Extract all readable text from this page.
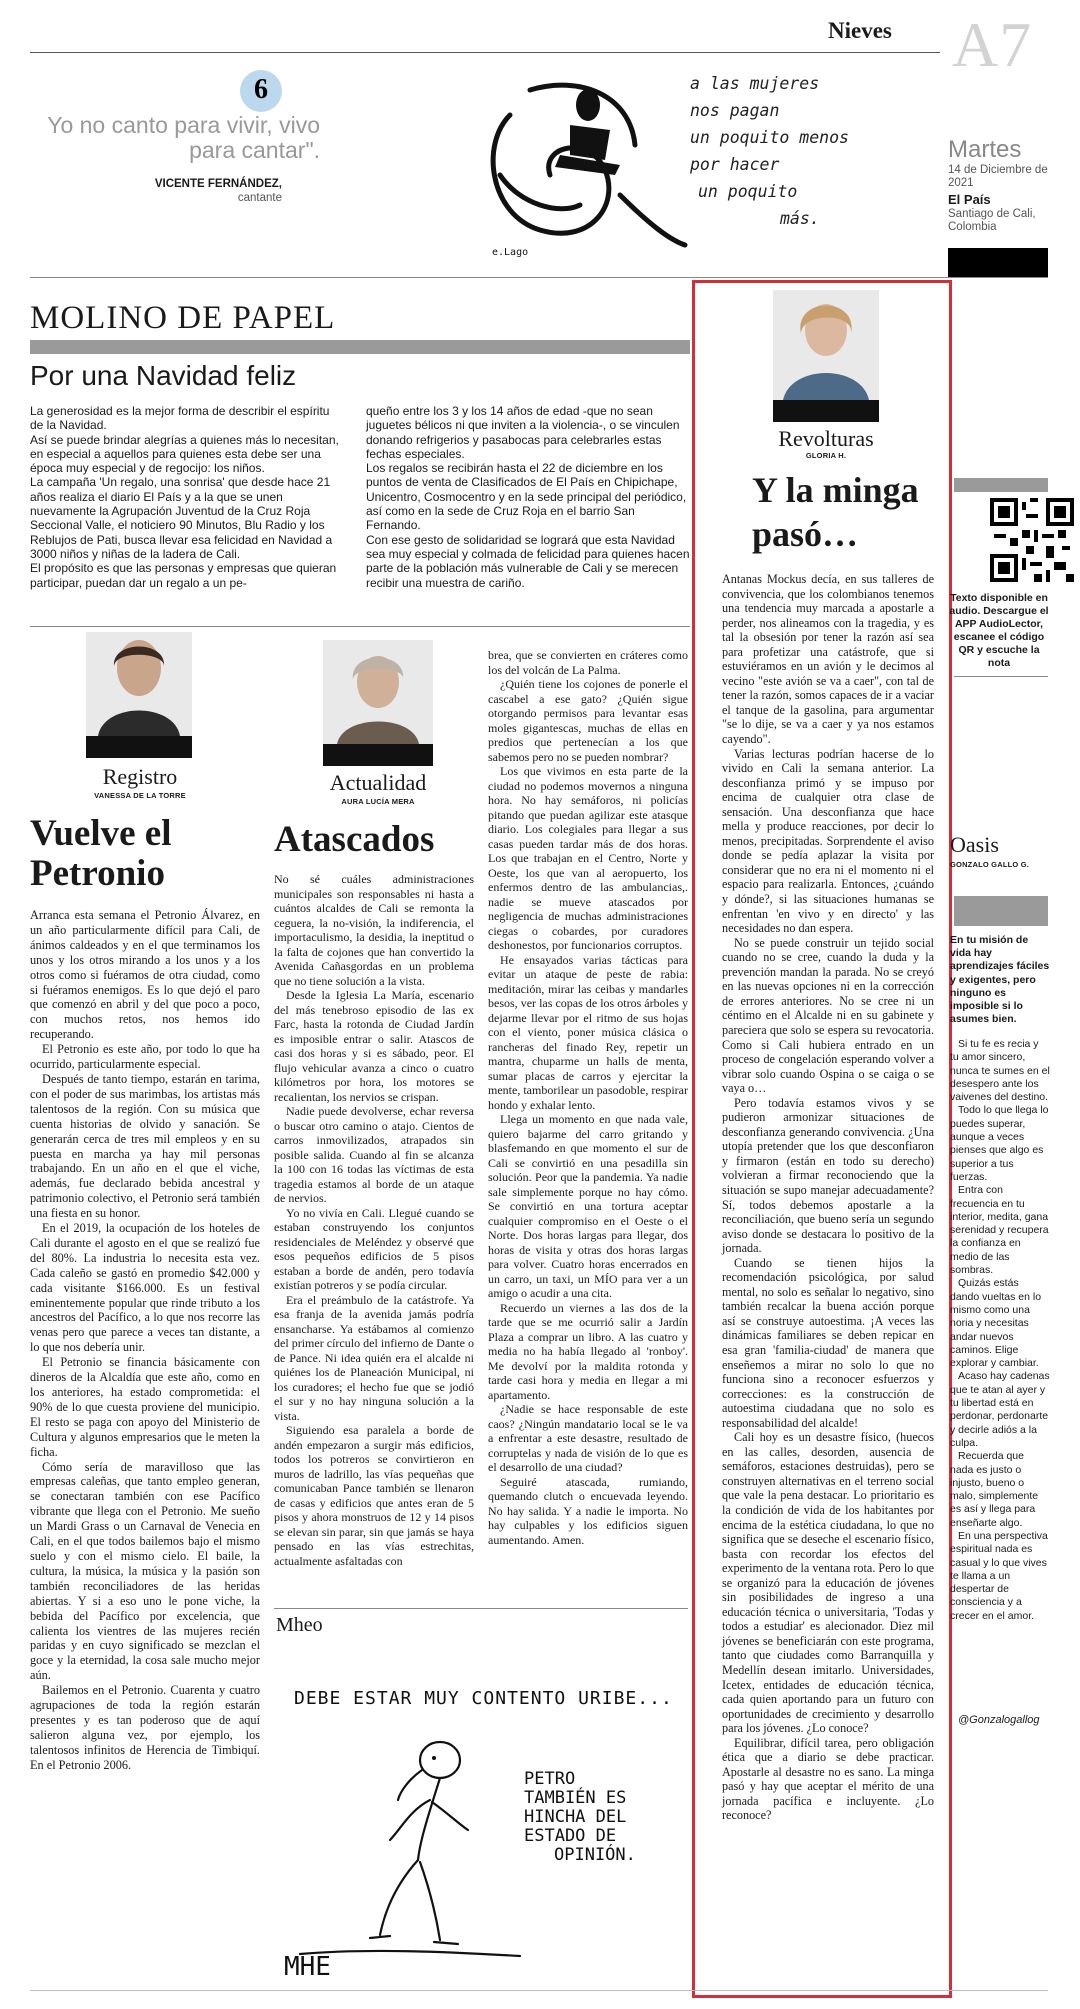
Nieves A7
Martes
14 de Diciembre de 2021
El País
Santiago de Cali, Colombia
6
Yo no canto para vivir, vivo para cantar".
VICENTE FERNÁNDEZ,
cantante
e.Lago
a las mujeres
nos pagan
un poquito menos
por hacer
un poquito
más.
MOLINO DE PAPEL
Por una Navidad feliz

La generosidad es la mejor forma de describir el espíritu de la Navidad.

Así se puede brindar alegrías a quienes más lo necesitan, en especial a aquellos para quienes esta debe ser una época muy especial y de regocijo: los niños.

La campaña 'Un regalo, una sonrisa' que desde hace 21 años realiza el diario El País y a la que se unen nuevamente la Agrupación Juventud de la Cruz Roja Seccional Valle, el noticiero 90 Minutos, Blu Radio y los Reblujos de Pati, busca llevar esa felicidad en Navidad a 3000 niños y niñas de la ladera de Cali.

El propósito es que las personas y empresas que quieran participar, puedan dar un regalo a un pe-

queño entre los 3 y los 14 años de edad -que no sean juguetes bélicos ni que inviten a la violencia-, o se vinculen donando refrigerios y pasabocas para celebrarles estas fechas especiales.

Los regalos se recibirán hasta el 22 de diciembre en los puntos de venta de Clasificados de El País en Chipichape, Unicentro, Cosmocentro y en la sede principal del periódico, así como en la sede de Cruz Roja en el barrio San Fernando.

Con ese gesto de solidaridad se logrará que esta Navidad sea muy especial y colmada de felicidad para quienes hacen parte de la población más vulnerable de Cali y se merecen recibir una muestra de cariño.

Registro
VANESSA DE LA TORRE
Vuelve el Petronio

Arranca esta semana el Petronio Álvarez, en un año particularmente difícil para Cali, de ánimos caldeados y en el que terminamos los unos y los otros mirando a los unos y a los otros como si fuéramos de otra ciudad, como si fuéramos enemigos. Es lo que dejó el paro que comenzó en abril y del que poco a poco, con muchos retos, nos hemos ido recuperando.

El Petronio es este año, por todo lo que ha ocurrido, particularmente especial.

Después de tanto tiempo, estarán en tarima, con el poder de sus marimbas, los artistas más talentosos de la región. Con su música que cuenta historias de olvido y sanación. Se generarán cerca de tres mil empleos y en su puesta en marcha ya hay mil personas trabajando. En un año en el que el viche, además, fue declarado bebida ancestral y patrimonio colectivo, el Petronio será también una fiesta en su honor.

En el 2019, la ocupación de los hoteles de Cali durante el agosto en el que se realizó fue del 80%. La industria lo necesita esta vez. Cada caleño se gastó en promedio $42.000 y cada visitante $166.000. Es un festival eminentemente popular que rinde tributo a los ancestros del Pacífico, a lo que nos recorre las venas pero que parece a veces tan distante, a lo que nos debería unir.

El Petronio se financia básicamente con dineros de la Alcaldía que este año, como en los anteriores, ha estado comprometida: el 90% de lo que cuesta proviene del municipio. El resto se paga con apoyo del Ministerio de Cultura y algunos empresarios que le meten la ficha.

Cómo sería de maravilloso que las empresas caleñas, que tanto empleo generan, se conectaran también con ese Pacífico vibrante que llega con el Petronio. Me sueño un Mardi Grass o un Carnaval de Venecia en Cali, en el que todos bailemos bajo el mismo suelo y con el mismo cielo. El baile, la cultura, la música, la música y la pasión son también reconciliadores de las heridas abiertas. Y si a eso uno le pone viche, la bebida del Pacífico por excelencia, que calienta los vientres de las mujeres recién paridas y en cuyo significado se mezclan el goce y la eternidad, la cosa sale mucho mejor aún.

Bailemos en el Petronio. Cuarenta y cuatro agrupaciones de toda la región estarán presentes y es tan poderoso que de aquí salieron alguna vez, por ejemplo, los talentosos infinitos de Herencia de Timbiquí. En el Petronio 2006.

Actualidad
AURA LUCÍA MERA
Atascados

No sé cuáles administraciones municipales son responsables ni hasta a cuántos alcaldes de Cali se remonta la ceguera, la no-visión, la indiferencia, el importaculismo, la desidia, la ineptitud o la falta de cojones que han convertido la Avenida Cañasgordas en un problema que no tiene solución a la vista.

Desde la Iglesia La María, escenario del más tenebroso episodio de las ex Farc, hasta la rotonda de Ciudad Jardín es imposible entrar o salir. Atascos de casi dos horas y si es sábado, peor. El flujo vehicular avanza a cinco o cuatro kilómetros por hora, los motores se recalientan, los nervios se crispan.

Nadie puede devolverse, echar reversa o buscar otro camino o atajo. Cientos de carros inmovilizados, atrapados sin posible salida. Cuando al fin se alcanza la 100 con 16 todas las víctimas de esta tragedia estamos al borde de un ataque de nervios.

Yo no vivía en Cali. Llegué cuando se estaban construyendo los conjuntos residenciales de Meléndez y observé que esos pequeños edificios de 5 pisos estaban a borde de andén, pero todavía existían potreros y se podía circular.

Era el preámbulo de la catástrofe. Ya esa franja de la avenida jamás podría ensancharse. Ya estábamos al comienzo del primer círculo del infierno de Dante o de Pance. Ni idea quién era el alcalde ni quiénes los de Planeación Municipal, ni los curadores; el hecho fue que se jodió el sur y no hay ninguna solución a la vista.

Siguiendo esa paralela a borde de andén empezaron a surgir más edificios, todos los potreros se convirtieron en muros de ladrillo, las vías pequeñas que comunicaban Pance también se llenaron de casas y edificios que antes eran de 5 pisos y ahora monstruos de 12 y 14 pisos se elevan sin parar, sin que jamás se haya pensado en las vías estrechitas, actualmente asfaltadas con

brea, que se convierten en cráteres como los del volcán de La Palma.

¿Quién tiene los cojones de ponerle el cascabel a ese gato? ¿Quién sigue otorgando permisos para levantar esas moles gigantescas, muchas de ellas en predios que pertenecían a los que sabemos pero no se pueden nombrar?

Los que vivimos en esta parte de la ciudad no podemos movernos a ninguna hora. No hay semáforos, ni policías pitando que puedan agilizar este atasque diario. Los colegiales para llegar a sus casas pueden tardar más de dos horas. Los que trabajan en el Centro, Norte y Oeste, los que van al aeropuerto, los enfermos dentro de las ambulancias,. nadie se mueve atascados por negligencia de muchas administraciones ciegas o cobardes, por curadores deshonestos, por funcionarios corruptos.

He ensayados varias tácticas para evitar un ataque de peste de rabia: meditación, mirar las ceibas y mandarles besos, ver las copas de los otros árboles y dejarme llevar por el ritmo de sus hojas con el viento, poner música clásica o rancheras del finado Rey, repetir un mantra, chuparme un halls de menta, sumar placas de carros y ejercitar la mente, tamborilear un pasodoble, respirar hondo y exhalar lento.

Llega un momento en que nada vale, quiero bajarme del carro gritando y blasfemando en que momento el sur de Cali se convirtió en una pesadilla sin solución. Peor que la pandemia. Ya nadie sale simplemente porque no hay cómo. Se convirtió en una tortura aceptar cualquier compromiso en el Oeste o el Norte. Dos horas largas para llegar, dos horas de visita y otras dos horas largas para volver. Cuatro horas encerrados en un carro, un taxi, un MÍO para ver a un amigo o acudir a una cita.

Recuerdo un viernes a las dos de la tarde que se me ocurrió salir a Jardín Plaza a comprar un libro. A las cuatro y media no ha había llegado al 'ronboy'. Me devolví por la maldita rotonda y tarde casi hora y media en llegar a mi apartamento.

¿Nadie se hace responsable de este caos? ¿Ningún mandatario local se le va a enfrentar a este desastre, resultado de corruptelas y nada de visión de lo que es el desarrollo de una ciudad?

Seguiré atascada, rumiando, quemando clutch o encuevada leyendo. No hay salida. Y a nadie le importa. No hay culpables y los edificios siguen aumentando. Amen.

Mheo
DEBE ESTAR MUY CONTENTO URIBE...
PETRO
TAMBIÉN ES
HINCHA DEL
ESTADO DE
OPINIÓN.
MHE
Revolturas
GLORIA H.
Y la minga pasó…

Antanas Mockus decía, en sus talleres de convivencia, que los colombianos tenemos una tendencia muy marcada a apostarle a perder, nos alineamos con la tragedia, y es tal la obsesión por tener la razón así sea para profetizar una catástrofe, que si estuviéramos en un avión y le decimos al vecino "este avión se va a caer", con tal de tener la razón, somos capaces de ir a vaciar el tanque de la gasolina, para argumentar "se lo dije, se va a caer y ya nos estamos cayendo".

Varias lecturas podrían hacerse de lo vivido en Cali la semana anterior. La desconfianza primó y se impuso por encima de cualquier otra clase de sensación. Una desconfianza que hace mella y produce reacciones, por decir lo menos, precipitadas. Sorprendente el aviso donde se pedía aplazar la visita por considerar que no era ni el momento ni el espacio para realizarla. Entonces, ¿cuándo y dónde?, si las situaciones humanas se enfrentan 'en vivo y en directo' y las necesidades no dan espera.

No se puede construir un tejido social cuando no se cree, cuando la duda y la prevención mandan la parada. No se creyó en las nuevas opciones ni en la corrección de errores anteriores. No se cree ni un céntimo en el Alcalde ni en su gabinete y pareciera que solo se espera su revocatoria. Como si Cali hubiera entrado en un proceso de congelación esperando volver a vibrar solo cuando Ospina o se caiga o se vaya o…

Pero todavía estamos vivos y se pudieron armonizar situaciones de desconfianza generando convivencia. ¿Una utopía pretender que los que desconfiaron y firmaron (están en todo su derecho) volvieran a firmar reconociendo que la situación se supo manejar adecuadamente? Sí, todos debemos apostarle a la reconciliación, que bueno sería un segundo aviso donde se destacara lo positivo de la jornada.

Cuando se tienen hijos la recomendación psicológica, por salud mental, no solo es señalar lo negativo, sino también recalcar la buena acción porque así se construye autoestima. ¡A veces las dinámicas familiares se deben repicar en esa gran 'familia-ciudad' de manera que enseñemos a mirar no solo lo que no funciona sino a reconocer esfuerzos y correcciones: es la construcción de autoestima ciudadana que no solo es responsabilidad del alcalde!

Cali hoy es un desastre físico, (huecos en las calles, desorden, ausencia de semáforos, estaciones destruidas), pero se construyen alternativas en el terreno social que vale la pena destacar. Lo prioritario es la condición de vida de los habitantes por encima de la estética ciudadana, lo que no significa que se deseche el escenario físico, basta con recordar los efectos del experimento de la ventana rota. Pero lo que se organizó para la educación de jóvenes sin posibilidades de ingreso a una educación técnica o universitaria, 'Todas y todos a estudiar' es alecionador. Diez mil jóvenes se beneficiarán con este programa, tanto que ciudades como Barranquilla y Medellín desean imitarlo. Universidades, Icetex, entidades de educación técnica, cada quien aportando para un futuro con oportunidades de crecimiento y desarrollo para los jóvenes. ¿Lo conoce?

Equilibrar, difícil tarea, pero obligación ética que a diario se debe practicar. Apostarle al desastre no es sano. La minga pasó y hay que aceptar el mérito de una jornada pacífica e incluyente. ¿Lo reconoce?

Texto disponible en audio. Descargue el APP AudioLector, escanee el código QR y escuche la nota
Oasis
GONZALO GALLO G.
En tu misión de vida hay aprendizajes fáciles y exigentes, pero ninguno es imposible si lo asumes bien.

Si tu fe es recia y tu amor sincero, nunca te sumes en el desespero ante los vaivenes del destino.

Todo lo que llega lo puedes superar, aunque a veces pienses que algo es superior a tus fuerzas.

Entra con frecuencia en tu interior, medita, gana serenidad y recupera la confianza en medio de las sombras.

Quizás estás dando vueltas en lo mismo como una noria y necesitas andar nuevos caminos. Elige explorar y cambiar.

Acaso hay cadenas que te atan al ayer y tu libertad está en perdonar, perdonarte y decirle adiós a la culpa.

Recuerda que nada es justo o injusto, bueno o malo, simplemente es así y llega para enseñarte algo.

En una perspectiva espiritual nada es casual y lo que vives te llama a un despertar de consciencia y a crecer en el amor.

@Gonzalogallog
